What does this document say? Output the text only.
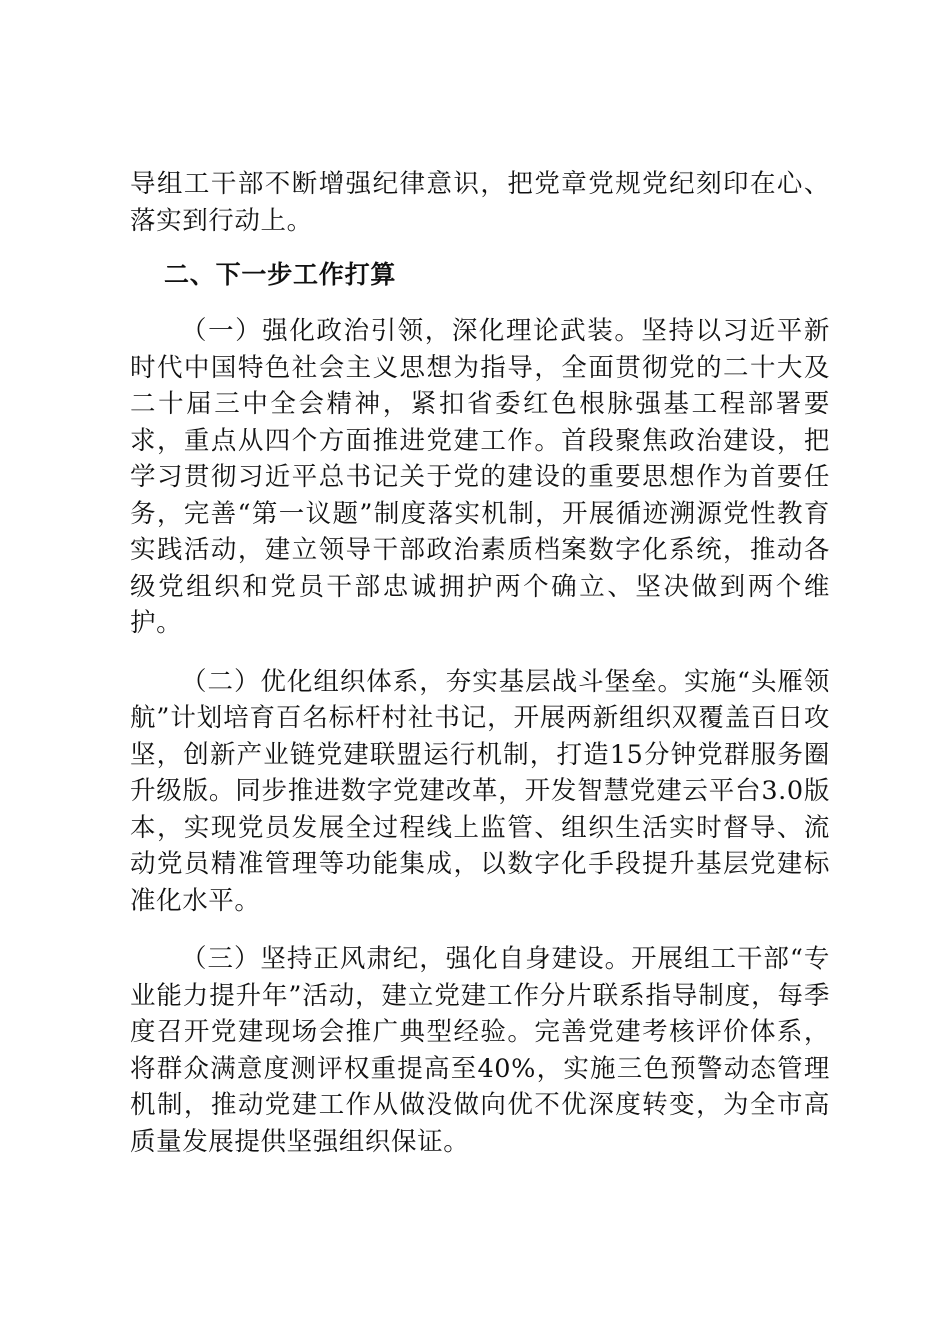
导组工干部不断增强纪律意识，把党章党规党纪刻印在心、落实到行动上。

二、下一步工作打算

（一）强化政治引领，深化理论武装。坚持以习近平新时代中国特色社会主义思想为指导，全面贯彻党的二十大及二十届三中全会精神，紧扣省委红色根脉强基工程部署要求，重点从四个方面推进党建工作。首段聚焦政治建设，把学习贯彻习近平总书记关于党的建设的重要思想作为首要任务，完善“第一议题”制度落实机制，开展循迹溯源党性教育实践活动，建立领导干部政治素质档案数字化系统，推动各级党组织和党员干部忠诚拥护两个确立、坚决做到两个维护。

（二）优化组织体系，夯实基层战斗堡垒。实施“头雁领航”计划培育百名标杆村社书记，开展两新组织双覆盖百日攻坚，创新产业链党建联盟运行机制，打造15分钟党群服务圈升级版。同步推进数字党建改革，开发智慧党建云平台3.0版本，实现党员发展全过程线上监管、组织生活实时督导、流动党员精准管理等功能集成，以数字化手段提升基层党建标准化水平。

（三）坚持正风肃纪，强化自身建设。开展组工干部“专业能力提升年”活动，建立党建工作分片联系指导制度，每季度召开党建现场会推广典型经验。完善党建考核评价体系，将群众满意度测评权重提高至40%，实施三色预警动态管理机制，推动党建工作从做没做向优不优深度转变，为全市高质量发展提供坚强组织保证。
